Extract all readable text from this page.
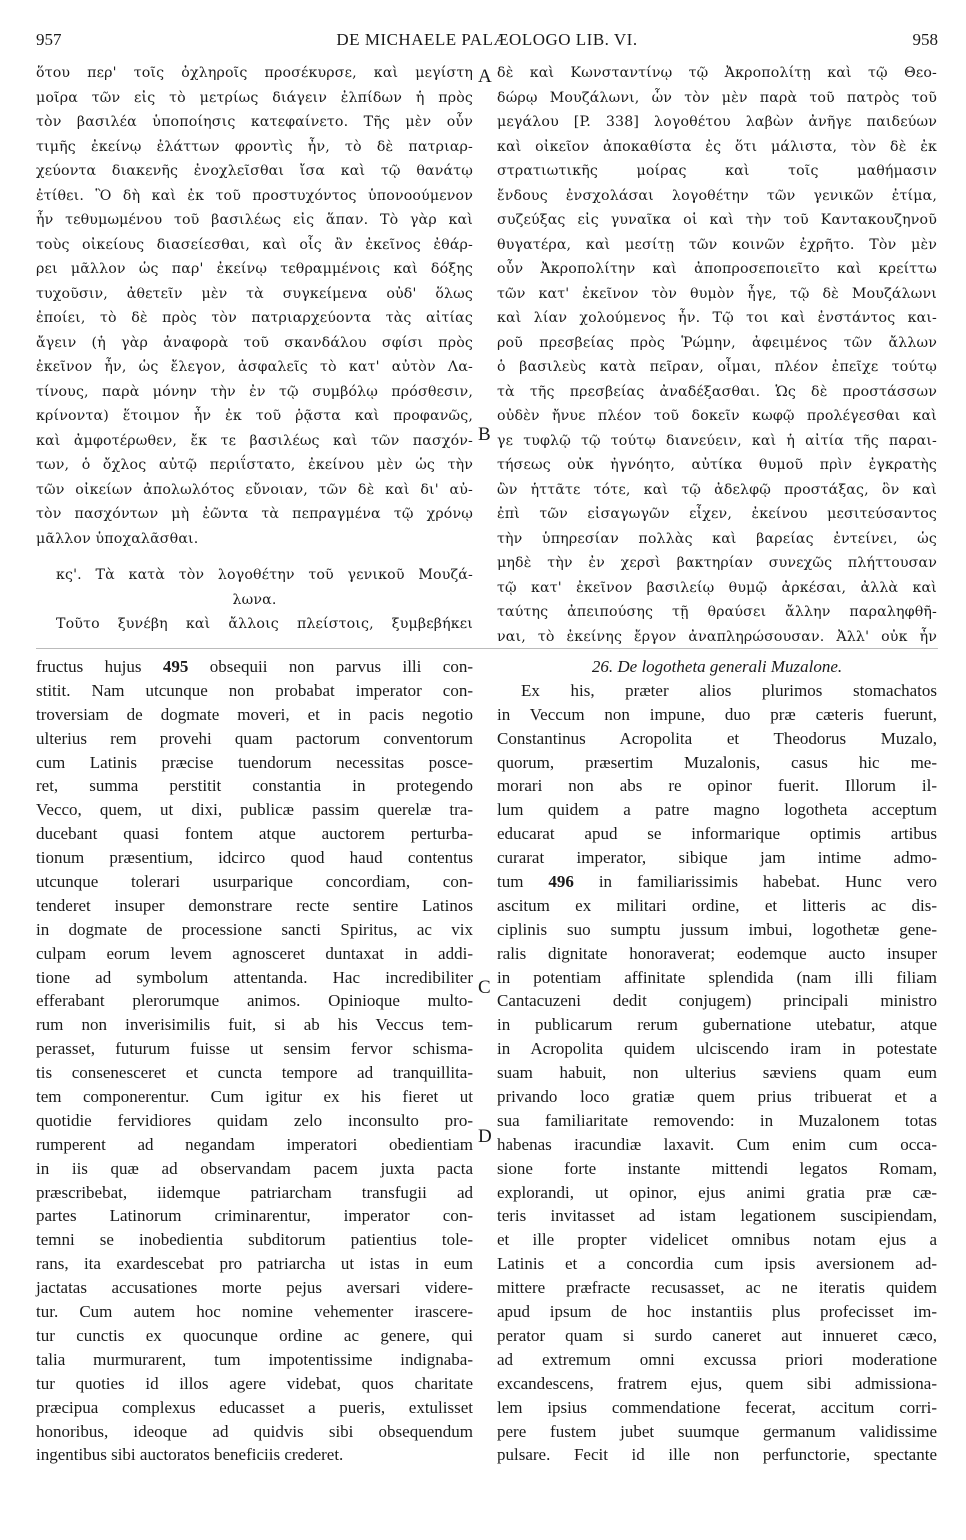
957	DE MICHAELE PALÆOLOGO LIB. VI.	958
A
B
C
D
ὅτου περ' τοῖς ὀχληροῖς προσέκυρσε, καὶ μεγίστη
μοῖρα τῶν εἰς τὸ μετρίως διάγειν ἐλπίδων ἡ πρὸς
τὸν βασιλέα ὑποποίησις κατεφαίνετο. Τῆς μὲν οὖν
τιμῆς ἐκείνῳ ἐλάττων φροντὶς ἦν, τὸ δὲ πατριαρ-
χεύοντα διακενῆς ἐνοχλεῖσθαι ἴσα καὶ τῷ θανάτῳ
ἐτίθει. Ὃ δὴ καὶ ἐκ τοῦ προστυχόντος ὑπονοούμενον
ἦν τεθυμωμένου τοῦ βασιλέως εἰς ἅπαν. Τὸ γὰρ καὶ
τοὺς οἰκείους διασείεσθαι, καὶ οἷς ἂν ἐκεῖνος ἐθάρ-
ρει μᾶλλον ὡς παρ' ἐκείνῳ τεθραμμένοις καὶ δόξης
τυχοῦσιν, ἀθετεῖν μὲν τὰ συγκείμενα οὐδ' ὅλως
ἐποίει, τὸ δὲ πρὸς τὸν πατριαρχεύοντα τὰς αἰτίας
ἄγειν (ἡ γὰρ ἀναφορὰ τοῦ σκανδάλου σφίσι πρὸς
ἐκεῖνον ἦν, ὡς ἔλεγον, ἀσφαλεῖς τὸ κατ' αὐτὸν Λα-
τίνους, παρὰ μόνην τὴν ἐν τῷ συμβόλῳ πρόσθεσιν,
κρίνοντα) ἕτοιμον ἦν ἐκ τοῦ ῥᾷστα καὶ προφανῶς,
καὶ ἀμφοτέρωθεν, ἔκ τε βασιλέως καὶ τῶν πασχόν-
των, ὁ ὄχλος αὐτῷ περιΐστατο, ἐκείνου μὲν ὡς τὴν
τῶν οἰκείων ἀπολωλότος εὔνοιαν, τῶν δὲ καὶ δι' αὐ-
τὸν πασχόντων μὴ ἐῶντα τὰ πεπραγμένα τῷ χρόνῳ
μᾶλλον ὑποχαλᾶσθαι.
κς'. Τὰ κατὰ τὸν λογοθέτην τοῦ γενικοῦ Μουζά-
λωνα.
Τοῦτο ξυνέβη καὶ ἄλλοις πλείστοις, ξυμβεβήκει
δὲ καὶ Κωνσταντίνῳ τῷ Ἀκροπολίτῃ καὶ τῷ Θεο-
δώρῳ Μουζάλωνι, ὧν τὸν μὲν παρὰ τοῦ πατρὸς τοῦ
μεγάλου [P. 338] λογοθέτου λαβὼν ἀνῆγε παιδεύων
καὶ οἰκεῖον ἀποκαθίστα ἐς ὅτι μάλιστα, τὸν δὲ ἐκ
στρατιωτικῆς μοίρας καὶ τοῖς μαθήμασιν
ἔνδους ἐνσχολάσαι λογοθέτην τῶν γενικῶν ἐτίμα,
συζεύξας εἰς γυναῖκα οἱ καὶ τὴν τοῦ Καντακουζηνοῦ
θυγατέρα, καὶ μεσίτῃ τῶν κοινῶν ἐχρῆτο. Τὸν μὲν
οὖν Ἀκροπολίτην καὶ ἀποπροσεποιεῖτο καὶ κρείττω
τῶν κατ' ἐκεῖνον τὸν θυμὸν ἦγε, τῷ δὲ Μουζάλωνι
καὶ λίαν χολούμενος ἦν. Τῷ τοι καὶ ἐνστάντος και-
ροῦ πρεσβείας πρὸς Ῥώμην, ἀφειμένος τῶν ἄλλων
ὁ βασιλεὺς κατὰ πεῖραν, οἶμαι, πλέον ἐπεῖχε τούτῳ
τὰ τῆς πρεσβείας ἀναδέξασθαι. Ὡς δὲ προστάσσων
οὐδὲν ἤνυε πλέον τοῦ δοκεῖν κωφῷ προλέγεσθαι καὶ
γε τυφλῷ τῷ τούτῳ διανεύειν, καὶ ἡ αἰτία τῆς παραι-
τήσεως οὐκ ἠγνόητο, αὐτίκα θυμοῦ πρὶν ἐγκρατὴς
ὢν ἡττᾶτε τότε, καὶ τῷ ἀδελφῷ προστάξας, ὃν καὶ
ἐπὶ τῶν εἰσαγωγῶν εἶχεν, ἐκείνου μεσιτεύσαντος
τὴν ὑπηρεσίαν πολλὰς καὶ βαρείας ἐντείνει, ὡς
μηδὲ τὴν ἐν χερσὶ βακτηρίαν συνεχῶς πλήττουσαν
τῷ κατ' ἐκεῖνον βασιλείῳ θυμῷ ἀρκέσαι, ἀλλὰ καὶ
ταύτης ἀπειπούσης τῇ θραύσει ἄλλην παραληφθῆ-
ναι, τὸ ἐκείνης ἔργον ἀναπληρώσουσαν. Ἀλλ' οὐκ ἦν
fructus hujus 495 obsequii non parvus illi con-
stitit. Nam utcunque non probabat imperator con-
troversiam de dogmate moveri, et in pacis negotio
ulterius rem provehi quam pactorum conventorum
cum Latinis præcise tuendorum necessitas posce-
ret, summa perstitit constantia in protegendo
Vecco, quem, ut dixi, publicæ passim querelæ tra-
ducebant quasi fontem atque auctorem perturba-
tionum præsentium, idcirco quod haud contentus
utcunque tolerari usurparique concordiam, con-
tenderet insuper demonstrare recte sentire Latinos
in dogmate de processione sancti Spiritus, ac vix
culpam eorum levem agnosceret duntaxat in addi-
tione ad symbolum attentanda. Hac incredibiliter
efferabant plerorumque animos. Opinioque multo-
rum non inverisimilis fuit, si ab his Veccus tem-
perasset, futurum fuisse ut sensim fervor schisma-
tis consenesceret et cuncta tempore ad tranquillita-
tem componerentur. Cum igitur ex his fieret ut
quotidie fervidiores quidam zelo inconsulto pro-
rumperent ad negandam imperatori obedientiam
in iis quæ ad observandam pacem juxta pacta
præscribebat, iidemque patriarcham transfugii ad
partes Latinorum criminarentur, imperator con-
temni se inobedientia subditorum patientius tole-
rans, ita exardescebat pro patriarcha ut istas in eum
jactatas accusationes morte pejus aversari videre-
tur. Cum autem hoc nomine vehementer irascere-
tur cunctis ex quocunque ordine ac genere, qui
talia murmurarent, tum impotentissime indignaba-
tur quoties id illos agere videbat, quos charitate
præcipua complexus educasset a pueris, extulisset
honoribus, ideoque ad quidvis sibi obsequendum
ingentibus sibi auctoratos beneficiis crederet.
26. De logotheta generali Muzalone.
Ex his, præter alios plurimos stomachatos
in Veccum non impune, duo præ cæteris fuerunt,
Constantinus Acropolita et Theodorus Muzalo,
quorum, præsertim Muzalonis, casus hic me-
morari non abs re opinor fuerit. Illorum il-
lum quidem a patre magno logotheta acceptum
educarat apud se informarique optimis artibus
curarat imperator, sibique jam intime admo-
tum 496 in familiarissimis habebat. Hunc vero
ascitum ex militari ordine, et litteris ac dis-
ciplinis suo sumptu jussum imbui, logothetæ gene-
ralis dignitate honoraverat; eodemque aucto insuper
in potentiam affinitate splendida (nam illi filiam
Cantacuzeni dedit conjugem) principali ministro
in publicarum rerum gubernatione utebatur, atque
in Acropolita quidem ulciscendo iram in potestate
suam habuit, non ulterius sæviens quam eum
privando loco gratiæ quem prius tribuerat et a
sua familiaritate removendo: in Muzalonem totas
habenas iracundiæ laxavit. Cum enim cum occa-
sione forte instante mittendi legatos Romam,
explorandi, ut opinor, ejus animi gratia præ cæ-
teris invitasset ad istam legationem suscipiendam,
et ille propter videlicet omnibus notam ejus a
Latinis et a concordia cum ipsis aversionem ad-
mittere præfracte recusasset, ac ne iteratis quidem
apud ipsum de hoc instantiis plus profecisset im-
perator quam si surdo caneret aut innueret cæco,
ad extremum omni excussa priori moderatione
excandescens, fratrem ejus, quem sibi admissiona-
lem ipsius commendatione fecerat, accitum corri-
pere fustem jubet suumque germanum validissime
pulsare. Fecit id ille non perfunctorie, spectante
